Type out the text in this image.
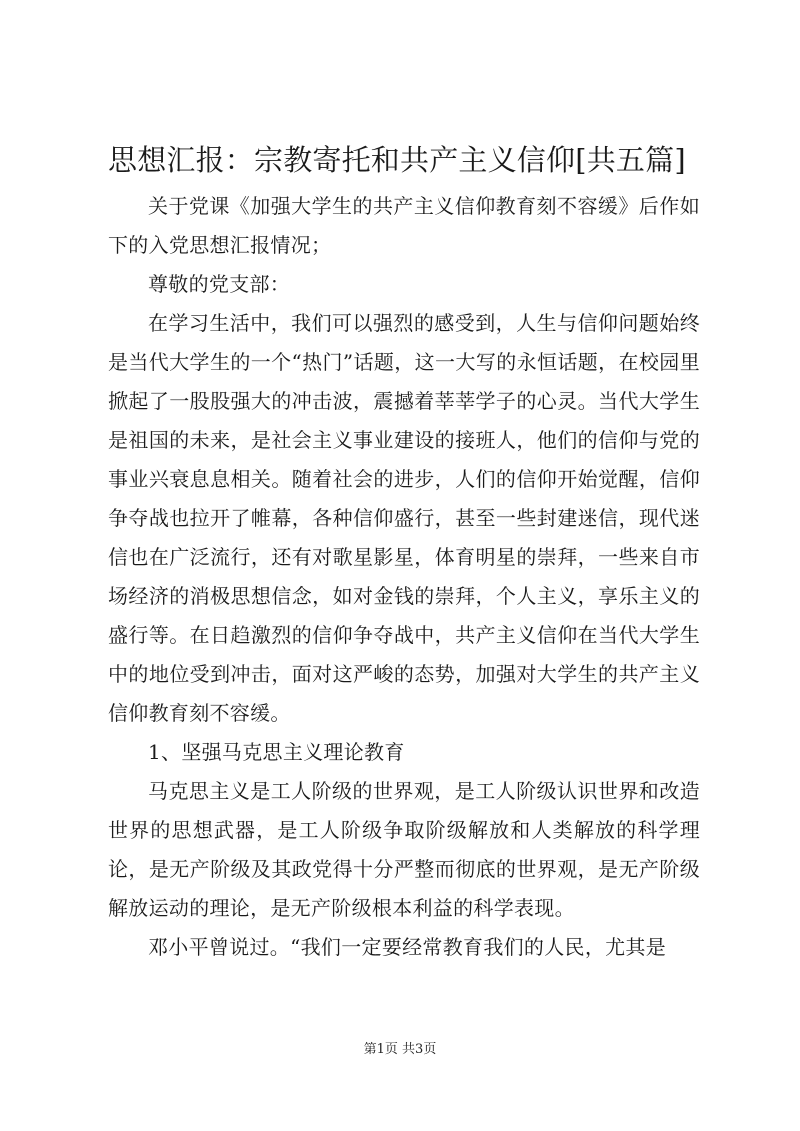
思想汇报：宗教寄托和共产主义信仰[共五篇]

关于党课《加强大学生的共产主义信仰教育刻不容缓》后作如下的入党思想汇报情况；

尊敬的党支部：

在学习生活中，我们可以强烈的感受到，人生与信仰问题始终是当代大学生的一个“热门”话题，这一大写的永恒话题，在校园里掀起了一股股强大的冲击波，震撼着莘莘学子的心灵。当代大学生是祖国的未来，是社会主义事业建设的接班人，他们的信仰与党的事业兴衰息息相关。随着社会的进步，人们的信仰开始觉醒，信仰争夺战也拉开了帷幕，各种信仰盛行，甚至一些封建迷信，现代迷信也在广泛流行，还有对歌星影星，体育明星的崇拜，一些来自市场经济的消极思想信念，如对金钱的崇拜，个人主义，享乐主义的盛行等。在日趋激烈的信仰争夺战中，共产主义信仰在当代大学生中的地位受到冲击，面对这严峻的态势，加强对大学生的共产主义信仰教育刻不容缓。

1、坚强马克思主义理论教育

马克思主义是工人阶级的世界观，是工人阶级认识世界和改造世界的思想武器，是工人阶级争取阶级解放和人类解放的科学理论，是无产阶级及其政党得十分严整而彻底的世界观，是无产阶级解放运动的理论，是无产阶级根本利益的科学表现。

邓小平曾说过。“我们一定要经常教育我们的人民，尤其是

第1页 共3页
